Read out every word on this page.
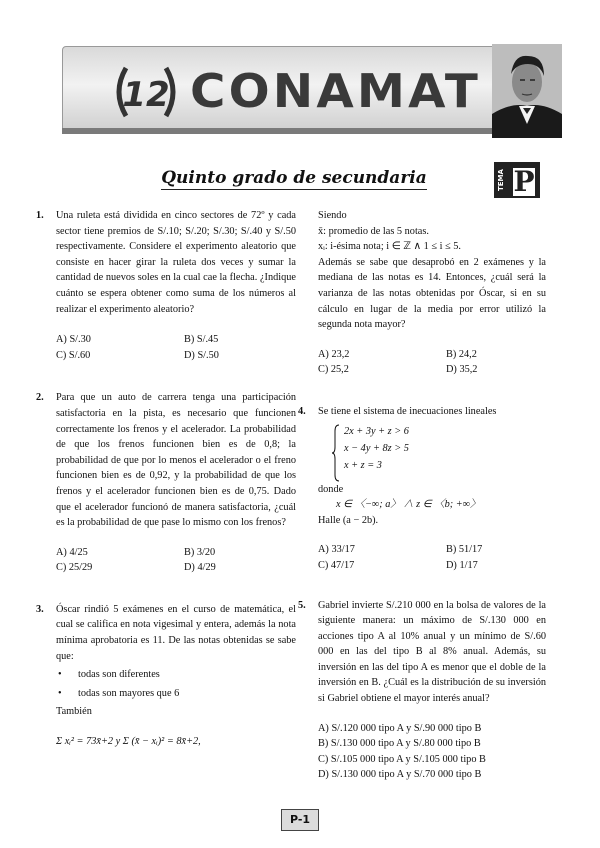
12 CONAMAT
Quinto grado de secundaria	TEMA P
1. Una ruleta está dividida en cinco sectores de 72º y cada sector tiene premios de S/.10; S/.20; S/.30; S/.40 y S/.50 respectivamente. Considere el experimento aleatorio que consiste en hacer girar la ruleta dos veces y sumar la cantidad de nuevos soles en la cual cae la flecha. ¿Indique cuánto se espera obtener como suma de los números al realizar el experimento aleatorio?
A) S/.30	B) S/.45
C) S/.60	D) S/.50
2. Para que un auto de carrera tenga una participación satisfactoria en la pista, es necesario que funcionen correctamente los frenos y el acelerador. La probabilidad de que los frenos funcionen bien es de 0,8; la probabilidad de que por lo menos el acelerador o el freno funcionen bien es de 0,92, y la probabilidad de que los frenos y el acelerador funcionen bien es de 0,75. Dado que el acelerador funcionó de manera satisfactoria, ¿cuál es la probabilidad de que pase lo mismo con los frenos?
A) 4/25	B) 3/20
C) 25/29	D) 4/29
3. Óscar rindió 5 exámenes en el curso de matemática, el cual se califica en nota vigesimal y entera, además la nota mínima aprobatoria es 11. De las notas obtenidas se sabe que:
• todas son diferentes
• todas son mayores que 6
También
Σ xᵢ² = 73x̄+2 y Σ (x̄ − xᵢ)² = 8x̄+2,
Siendo
x̄: promedio de las 5 notas.
xᵢ: i-ésima nota; i ∈ ℤ ∧ 1 ≤ i ≤ 5.
Además se sabe que desaprobó en 2 exámenes y la mediana de las notas es 14. Entonces, ¿cuál será la varianza de las notas obtenidas por Óscar, si en su cálculo en lugar de la media por error utilizó la segunda nota mayor?
A) 23,2	B) 24,2
C) 25,2	D) 35,2
4. Se tiene el sistema de inecuaciones lineales
2x + 3y + z > 6
x − 4y + 8z > 5
x + z = 3
donde
x ∈ 〈−∞; a〉 ∧ z ∈ 〈b; +∞〉
Halle (a − 2b).
A) 33/17	B) 51/17
C) 47/17	D) 1/17
5. Gabriel invierte S/.210 000 en la bolsa de valores de la siguiente manera: un máximo de S/.130 000 en acciones tipo A al 10% anual y un mínimo de S/.60 000 en las del tipo B al 8% anual. Además, su inversión en las del tipo A es menor que el doble de la inversión en B. ¿Cuál es la distribución de su inversión si Gabriel obtiene el mayor interés anual?
A) S/.120 000 tipo A y S/.90 000 tipo B
B) S/.130 000 tipo A y S/.80 000 tipo B
C) S/.105 000 tipo A y S/.105 000 tipo B
D) S/.130 000 tipo A y S/.70 000 tipo B
P-1
